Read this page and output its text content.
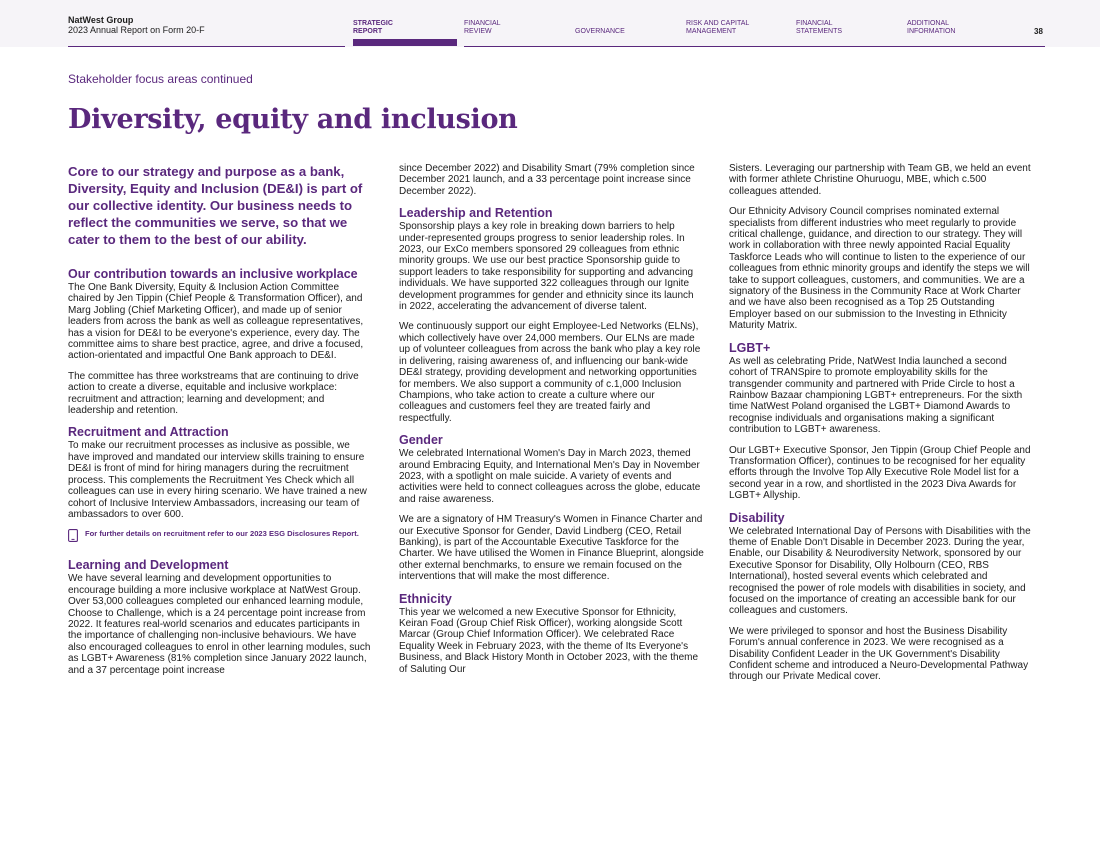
NatWest Group
2023 Annual Report on Form 20-F
STRATEGIC
REPORT
FINANCIAL
REVIEW	GOVERNANCE
RISK AND CAPITAL
MANAGEMENT
FINANCIAL
STATEMENTS
ADDITIONAL
INFORMATION	38
Stakeholder focus areas continued
Diversity, equity and inclusion
Core to our strategy and purpose as a bank, Diversity, Equity and Inclusion (DE&I) is part of our collective identity. Our business needs to reflect the communities we serve, so that we cater to them to the best of our ability.
Our contribution towards an inclusive workplace

The One Bank Diversity, Equity & Inclusion Action Committee chaired by Jen Tippin (Chief People & Transformation Officer), and Marg Jobling (Chief Marketing Officer), and made up of senior leaders from across the bank as well as colleague representatives, has a vision for DE&I to be everyone's experience, every day. The committee aims to share best practice, agree, and drive a focused, action-orientated and impactful One Bank approach to DE&I.

The committee has three workstreams that are continuing to drive action to create a diverse, equitable and inclusive workplace: recruitment and attraction; learning and development; and leadership and retention.

Recruitment and Attraction

To make our recruitment processes as inclusive as possible, we have improved and mandated our interview skills training to ensure DE&I is front of mind for hiring managers during the recruitment process. This complements the Recruitment Yes Check which all colleagues can use in every hiring scenario. We have trained a new cohort of Inclusive Interview Ambassadors, increasing our team of ambassadors to over 600.

For further details on recruitment refer to our 2023 ESG Disclosures Report.
Learning and Development

We have several learning and development opportunities to encourage building a more inclusive workplace at NatWest Group. Over 53,000 colleagues completed our enhanced learning module, Choose to Challenge, which is a 24 percentage point increase from 2022. It features real-world scenarios and educates participants in the importance of challenging non-inclusive behaviours. We have also encouraged colleagues to enrol in other learning modules, such as LGBT+ Awareness (81% completion since January 2022 launch, and a 37 percentage point increase

since December 2022) and Disability Smart (79% completion since December 2021 launch, and a 33 percentage point increase since December 2022).

Leadership and Retention

Sponsorship plays a key role in breaking down barriers to help under-represented groups progress to senior leadership roles. In 2023, our ExCo members sponsored 29 colleagues from ethnic minority groups. We use our best practice Sponsorship guide to support leaders to take responsibility for supporting and advancing individuals. We have supported 322 colleagues through our Ignite development programmes for gender and ethnicity since its launch in 2022, accelerating the advancement of diverse talent.

We continuously support our eight Employee-Led Networks (ELNs), which collectively have over 24,000 members. Our ELNs are made up of volunteer colleagues from across the bank who play a key role in delivering, raising awareness of, and influencing our bank-wide DE&I strategy, providing development and networking opportunities for members. We also support a community of c.1,000 Inclusion Champions, who take action to create a culture where our colleagues and customers feel they are treated fairly and respectfully.

Gender

We celebrated International Women's Day in March 2023, themed around Embracing Equity, and International Men's Day in November 2023, with a spotlight on male suicide. A variety of events and activities were held to connect colleagues across the globe, educate and raise awareness.

We are a signatory of HM Treasury's Women in Finance Charter and our Executive Sponsor for Gender, David Lindberg (CEO, Retail Banking), is part of the Accountable Executive Taskforce for the Charter. We have utilised the Women in Finance Blueprint, alongside other external benchmarks, to ensure we remain focused on the interventions that will make the most difference.

Ethnicity

This year we welcomed a new Executive Sponsor for Ethnicity, Keiran Foad (Group Chief Risk Officer), working alongside Scott Marcar (Group Chief Information Officer). We celebrated Race Equality Week in February 2023, with the theme of Its Everyone's Business, and Black History Month in October 2023, with the theme of Saluting Our

Sisters. Leveraging our partnership with Team GB, we held an event with former athlete Christine Ohuruogu, MBE, which c.500 colleagues attended.

Our Ethnicity Advisory Council comprises nominated external specialists from different industries who meet regularly to provide critical challenge, guidance, and direction to our strategy. They will work in collaboration with three newly appointed Racial Equality Taskforce Leads who will continue to listen to the experience of our colleagues from ethnic minority groups and identify the steps we will take to support colleagues, customers, and communities. We are a signatory of the Business in the Community Race at Work Charter and we have also been recognised as a Top 25 Outstanding Employer based on our submission to the Investing in Ethnicity Maturity Matrix.

LGBT+

As well as celebrating Pride, NatWest India launched a second cohort of TRANSpire to promote employability skills for the transgender community and partnered with Pride Circle to host a Rainbow Bazaar championing LGBT+ entrepreneurs. For the sixth time NatWest Poland organised the LGBT+ Diamond Awards to recognise individuals and organisations making a significant contribution to LGBT+ awareness.

Our LGBT+ Executive Sponsor, Jen Tippin (Group Chief People and Transformation Officer), continues to be recognised for her equality efforts through the Involve Top Ally Executive Role Model list for a second year in a row, and shortlisted in the 2023 Diva Awards for LGBT+ Allyship.

Disability

We celebrated International Day of Persons with Disabilities with the theme of Enable Don't Disable in December 2023. During the year, Enable, our Disability & Neurodiversity Network, sponsored by our Executive Sponsor for Disability, Olly Holbourn (CEO, RBS International), hosted several events which celebrated and recognised the power of role models with disabilities in society, and focused on the importance of creating an accessible bank for our colleagues and customers.

We were privileged to sponsor and host the Business Disability Forum's annual conference in 2023. We were recognised as a Disability Confident Leader in the UK Government's Disability Confident scheme and introduced a Neuro-Developmental Pathway through our Private Medical cover.
